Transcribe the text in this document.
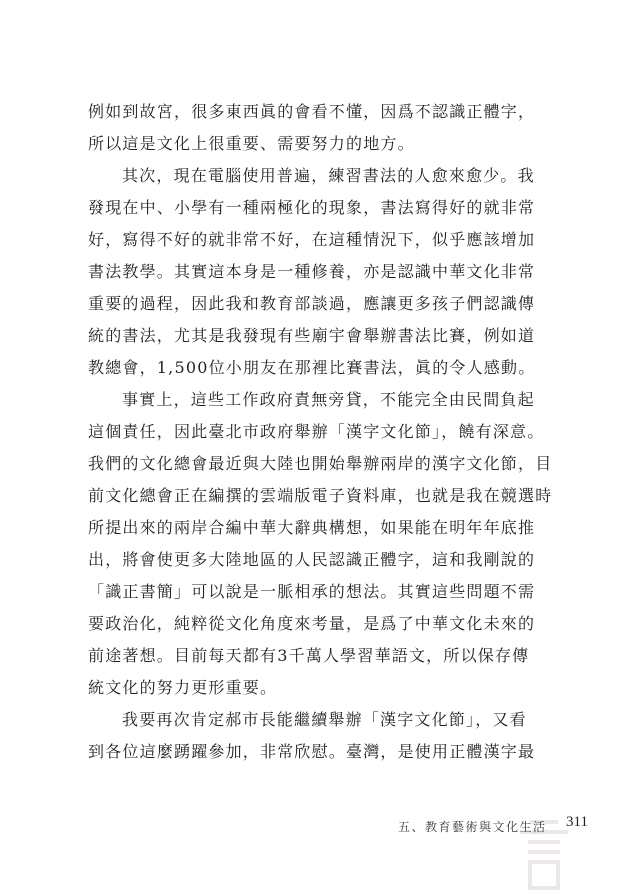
例如到故宮，很多東西眞的會看不懂，因爲不認識正體字，
所以這是文化上很重要、需要努力的地方。
其次，現在電腦使用普遍，練習書法的人愈來愈少。我
發現在中、小學有一種兩極化的現象，書法寫得好的就非常
好，寫得不好的就非常不好，在這種情況下，似乎應該增加
書法教學。其實這本身是一種修養，亦是認識中華文化非常
重要的過程，因此我和教育部談過，應讓更多孩子們認識傳
統的書法，尤其是我發現有些廟宇會舉辦書法比賽，例如道
教總會，1,500位小朋友在那裡比賽書法，眞的令人感動。
事實上，這些工作政府責無旁貸，不能完全由民間負起
這個責任，因此臺北市政府舉辦「漢字文化節」，饒有深意。
我們的文化總會最近與大陸也開始舉辦兩岸的漢字文化節，目
前文化總會正在編撰的雲端版電子資料庫，也就是我在競選時
所提出來的兩岸合編中華大辭典構想，如果能在明年年底推
出，將會使更多大陸地區的人民認識正體字，這和我剛說的
「識正書簡」可以說是一脈相承的想法。其實這些問題不需
要政治化，純粹從文化角度來考量，是爲了中華文化未來的
前途著想。目前每天都有3千萬人學習華語文，所以保存傳
統文化的努力更形重要。
我要再次肯定郝市長能繼續舉辦「漢字文化節」，又看
到各位這麼踴躍參加，非常欣慰。臺灣，是使用正體漢字最
五、教育藝術與文化生活 311
